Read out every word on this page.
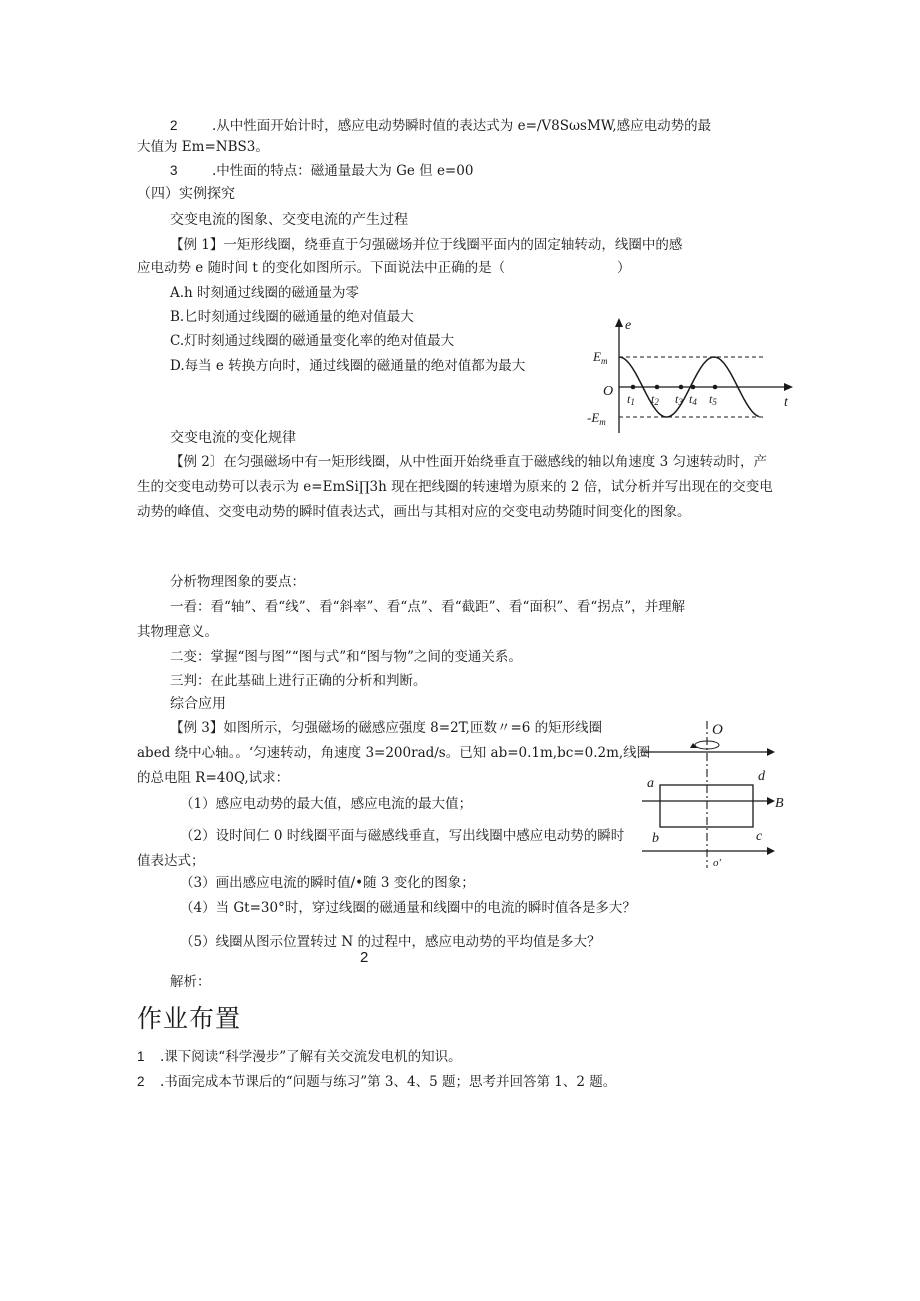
2	.从中性面开始计时，感应电动势瞬时值的表达式为 e=∕V8SωsMW,感应电动势的最
大值为 Em=NBS3。
3	.中性面的特点：磁通量最大为 Ge 但 e=00
（四）实例探究
交变电流的图象、交变电流的产生过程
【例 1】一矩形线圈，绕垂直于匀强磁场并位于线圈平面内的固定轴转动，线圈中的感
应电动势 e 随时间 t 的变化如图所示。下面说法中正确的是（	）
A.h 时刻通过线圈的磁通量为零
B.匕时刻通过线圈的磁通量的绝对值最大
C.灯时刻通过线圈的磁通量变化率的绝对值最大
D.每当 e 转换方向时，通过线圈的磁通量的绝对值都为最大
e
t
O
$E_m$
$-E_m$
t1 t2 t3 t4 t5
交变电流的变化规律
【例 2〕在匀强磁场中有一矩形线圈，从中性面开始绕垂直于磁感线的轴以角速度 3 匀速转动时，产
生的交变电动势可以表示为 e=EmSi∏3h 现在把线圈的转速增为原来的 2 倍，试分析并写出现在的交变电
动势的峰值、交变电动势的瞬时值表达式，画出与其相对应的交变电动势随时间变化的图象。
分析物理图象的要点：
一看：看“轴”、看“线”、看“斜率”、看“点”、看“截距”、看“面积”、看“拐点”，并理解
其物理意义。
二变：掌握“图与图”“图与式”和“图与物”之间的变通关系。
三判：在此基础上进行正确的分析和判断。
综合应用
【例 3】如图所示，匀强磁场的磁感应强度 8=2T,匝数〃=6 的矩形线圈
abed 绕中心轴。。‘匀速转动，角速度 3=200rad∕s。已知 ab=0.1m,bc=0.2m,线圈
的总电阻 R=40Q,试求：
（1）感应电动势的最大值，感应电流的最大值；
（2）设时间仁 0 时线圈平面与磁感线垂直，写出线圈中感应电动势的瞬时
值表达式；
（3）画出感应电流的瞬时值/•随 3 变化的图象；
（4）当 Gt=30°时，穿过线圈的磁通量和线圈中的电流的瞬时值各是多大？
（5）线圈从图示位置转过 N 的过程中，感应电动势的平均值是多大？
2
解析：
O
a	d
b	c
B
o'
作业布置
1 .课下阅读“科学漫步”了解有关交流发电机的知识。
2 .书面完成本节课后的“问题与练习”第 3、4、5 题；思考并回答第 1、2 题。
